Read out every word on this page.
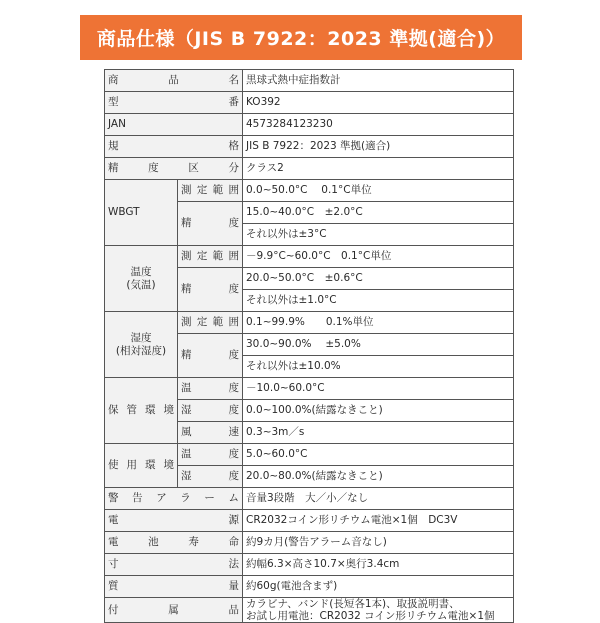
商品仕様（JIS B 7922：2023 準拠(適合)）
商品名		黒球式熱中症指数計
型番		KO392
JAN		4573284123230
規格		JIS B 7922：2023 準拠(適合)
精度区分		クラス2
WBGT	測定範囲	0.0~50.0°C　 0.1°C単位
	精度	15.0~40.0°C　±2.0°C
		それ以外は±3°C

温度
(気温)	測定範囲	－9.9°C~60.0°C　0.1°C単位
	精度	20.0~50.0°C　±0.6°C
		それ以外は±1.0°C

湿度
(相対湿度)	測定範囲	0.1~99.9%　　0.1%単位
	精度	30.0~90.0%　 ±5.0%
		それ以外は±10.0%
保管環境	温度	－10.0~60.0°C
	湿度	0.0~100.0%(結露なきこと)
	風速	0.3~3m／s
使用環境	温度	5.0~60.0°C
	湿度	20.0~80.0%(結露なきこと)
警告アラーム		音量3段階　大／小／なし
電源		CR2032コイン形リチウム電池×1個　DC3V
電池寿命		約9カ月(警告アラーム音なし)
寸法		約幅6.3×高さ10.7×奥行3.4cm
質量		約60g(電池含まず)
付属品		カラビナ、バンド(長短各1本)、取扱説明書、
お試し用電池：CR2032 コイン形リチウム電池×1個
